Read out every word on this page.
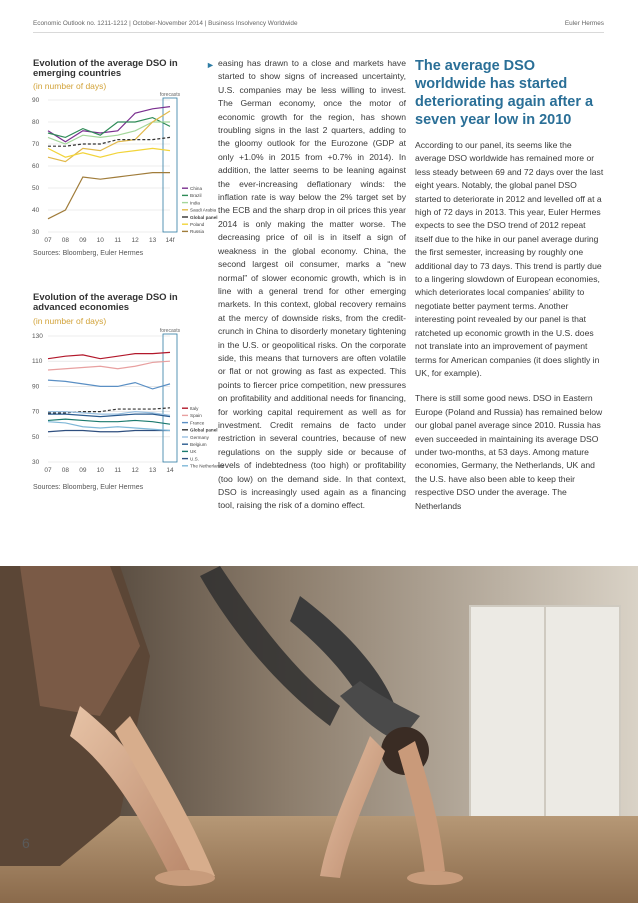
Economic Outlook no. 1211-1212 | October-November 2014 | Business Insolvency Worldwide	Euler Hermes
Evolution of the average DSO in emerging countries
(in number of days)
30
40
50
60
70
80
90
07 08 09 10 11 12 13 14f
forecasts
China
Brazil
India
Saudi Arabia
Global panel
Poland
Russia
Sources: Bloomberg, Euler Hermes
Evolution of the average DSO in advanced economies
(in number of days)
30
50
70
90
110
130
07 08 09 10 11 12 13 14
forecasts
Italy
Spain
France
Global panel
Germany
Belgium
UK
U.S.
The Netherlands
Sources: Bloomberg, Euler Hermes
► easing has drawn to a close and markets have started to show signs of increased uncertainty, U.S. companies may be less willing to invest. The German economy, once the motor of economic growth for the region, has shown troubling signs in the last 2 quarters, adding to the gloomy outlook for the Eurozone (GDP at only +1.0% in 2015 from +0.7% in 2014). In addition, the latter seems to be leaning against the ever-increasing deflationary winds: the inflation rate is way below the 2% target set by the ECB and the sharp drop in oil prices this year 2014 is only making the matter worse. The decreasing price of oil is in itself a sign of weakness in the global economy. China, the second largest oil consumer, marks a “new normal” of slower economic growth, which is in line with a general trend for other emerging markets. In this context, global recovery remains at the mercy of downside risks, from the credit-crunch in China to disorderly monetary tightening in the U.S. or geopolitical risks. On the corporate side, this means that turnovers are often volatile or flat or not growing as fast as expected. This points to fiercer price competition, new pressures on profitability and additional needs for financing, for working capital requirement as well as for investment. Credit remains de facto under restriction in several countries, because of new regulations on the supply side or because of levels of indebtedness (too high) or profitability (too low) on the demand side. In that context, DSO is increasingly used again as a financing tool, raising the risk of a domino effect.

The average DSO worldwide has started deteriorating again after a seven year low in 2010

According to our panel, its seems like the average DSO worldwide has remained more or less steady between 69 and 72 days over the last eight years. Notably, the global panel DSO started to deteriorate in 2012 and levelled off at a high of 72 days in 2013. This year, Euler Hermes expects to see the DSO trend of 2012 repeat itself due to the hike in our panel average during the first semester, increasing by roughly one additional day to 73 days. This trend is partly due to a lingering slowdown of European economies, which deteriorates local companies’ ability to negotiate better payment terms. Another interesting point revealed by our panel is that ratcheted up economic growth in the U.S. does not translate into an improvement of payment terms for American companies (it does slightly in UK, for example).

There is still some good news. DSO in Eastern Europe (Poland and Russia) has remained below our global panel average since 2010. Russia has even succeeded in maintaining its average DSO under two-months, at 53 days. Among mature economies, Germany, the Netherlands, UK and the U.S. have also been able to keep their respective DSO under the average. The Netherlands

6
